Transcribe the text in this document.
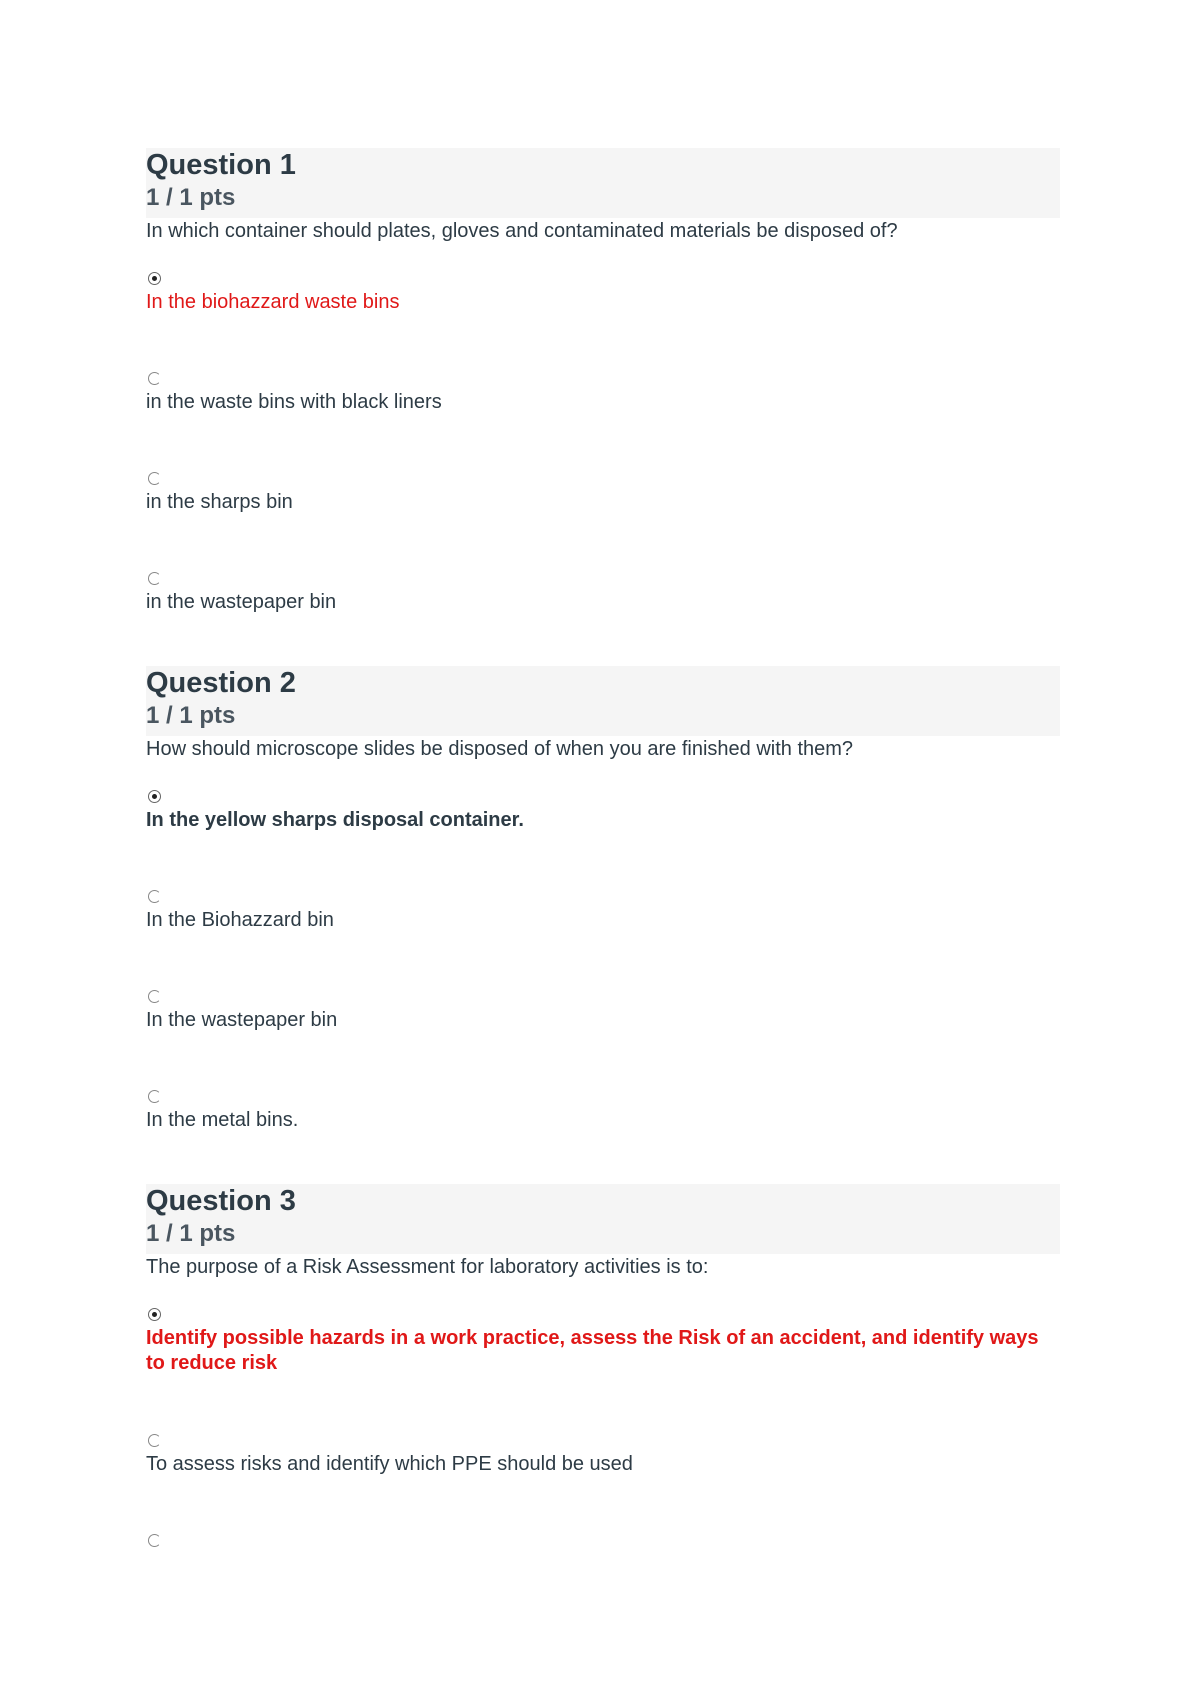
Question 1
1 / 1 pts
In which container should plates, gloves and contaminated materials be disposed of?
In the biohazzard waste bins
in the waste bins with black liners
in the sharps bin
in the wastepaper bin
Question 2
1 / 1 pts
How should microscope slides be disposed of when you are finished with them?
In the yellow sharps disposal container.
In the Biohazzard bin
In the wastepaper bin
In the metal bins.
Question 3
1 / 1 pts
The purpose of a Risk Assessment for laboratory activities is to:
Identify possible hazards in a work practice, assess the Risk of an accident, and identify ways to reduce risk
To assess risks and identify which PPE should be used
